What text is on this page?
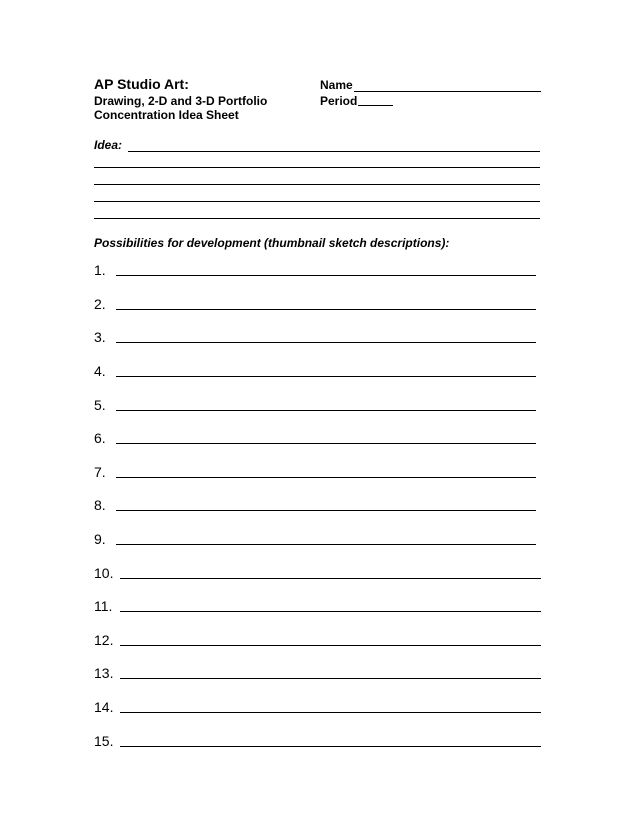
AP Studio Art:
Drawing, 2-D and 3-D Portfolio
Concentration Idea Sheet
Name
Period
Idea:
Possibilities for development (thumbnail sketch descriptions):
1.
2.
3.
4.
5.
6.
7.
8.
9.
10.
11.
12.
13.
14.
15.
